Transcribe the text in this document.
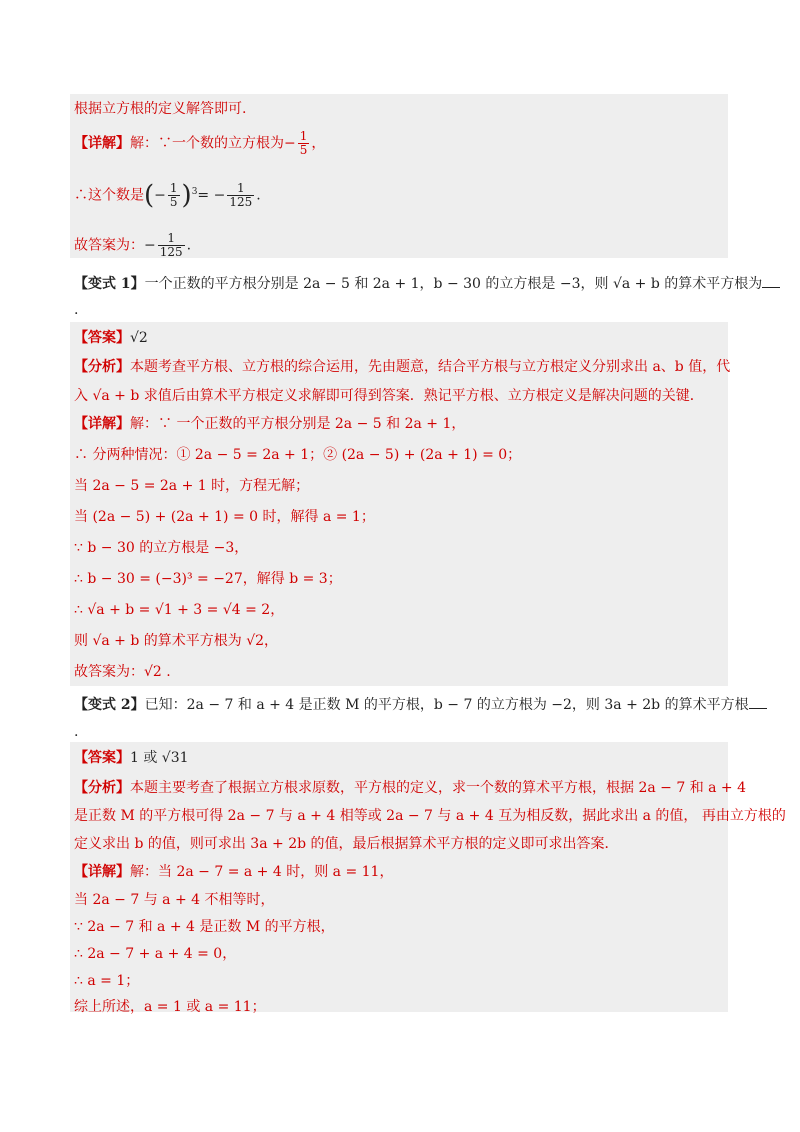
根据立方根的定义解答即可.
【详解】解：∵一个数的立方根为− $\frac{1}{5}$ ，
∴这个数是(− $\frac{1}{5} )^3= - \frac{1}{125}$ .
故答案为：− $\frac{1}{125}$ .
【变式 1】一个正数的平方根分别是 2a − 5 和 2a + 1，b − 30 的立方根是 −3，则 √a + b 的算术平方根为
.
【答案】√2
【分析】本题考查平方根、立方根的综合运用，先由题意，结合平方根与立方根定义分别求出 a、b 值，代
入 √a + b 求值后由算术平方根定义求解即可得到答案．熟记平方根、立方根定义是解决问题的关键．
【详解】解：∵ 一个正数的平方根分别是 2a − 5 和 2a + 1，
∴ 分两种情况：① 2a − 5 = 2a + 1；② (2a − 5) + (2a + 1) = 0；
当 2a − 5 = 2a + 1 时，方程无解；
当 (2a − 5) + (2a + 1) = 0 时，解得 a = 1；
∵ b − 30 的立方根是 −3，
∴ b − 30 = (−3)³ = −27，解得 b = 3；
∴ √a + b = √1 + 3 = √4 = 2，
则 √a + b 的算术平方根为 √2，
故答案为：√2 .
【变式 2】已知：2a − 7 和 a + 4 是正数 M 的平方根，b − 7 的立方根为 −2，则 3a + 2b 的算术平方根
.
【答案】1 或 √31
【分析】本题主要考查了根据立方根求原数，平方根的定义，求一个数的算术平方根，根据 2a − 7 和 a + 4
是正数 M 的平方根可得 2a − 7 与 a + 4 相等或 2a − 7 与 a + 4 互为相反数，据此求出 a 的值， 再由立方根的
定义求出 b 的值，则可求出 3a + 2b 的值，最后根据算术平方根的定义即可求出答案．
【详解】解：当 2a − 7 = a + 4 时，则 a = 11，
当 2a − 7 与 a + 4 不相等时，
∵ 2a − 7 和 a + 4 是正数 M 的平方根，
∴ 2a − 7 + a + 4 = 0，
∴ a = 1；
综上所述，a = 1 或 a = 11；
